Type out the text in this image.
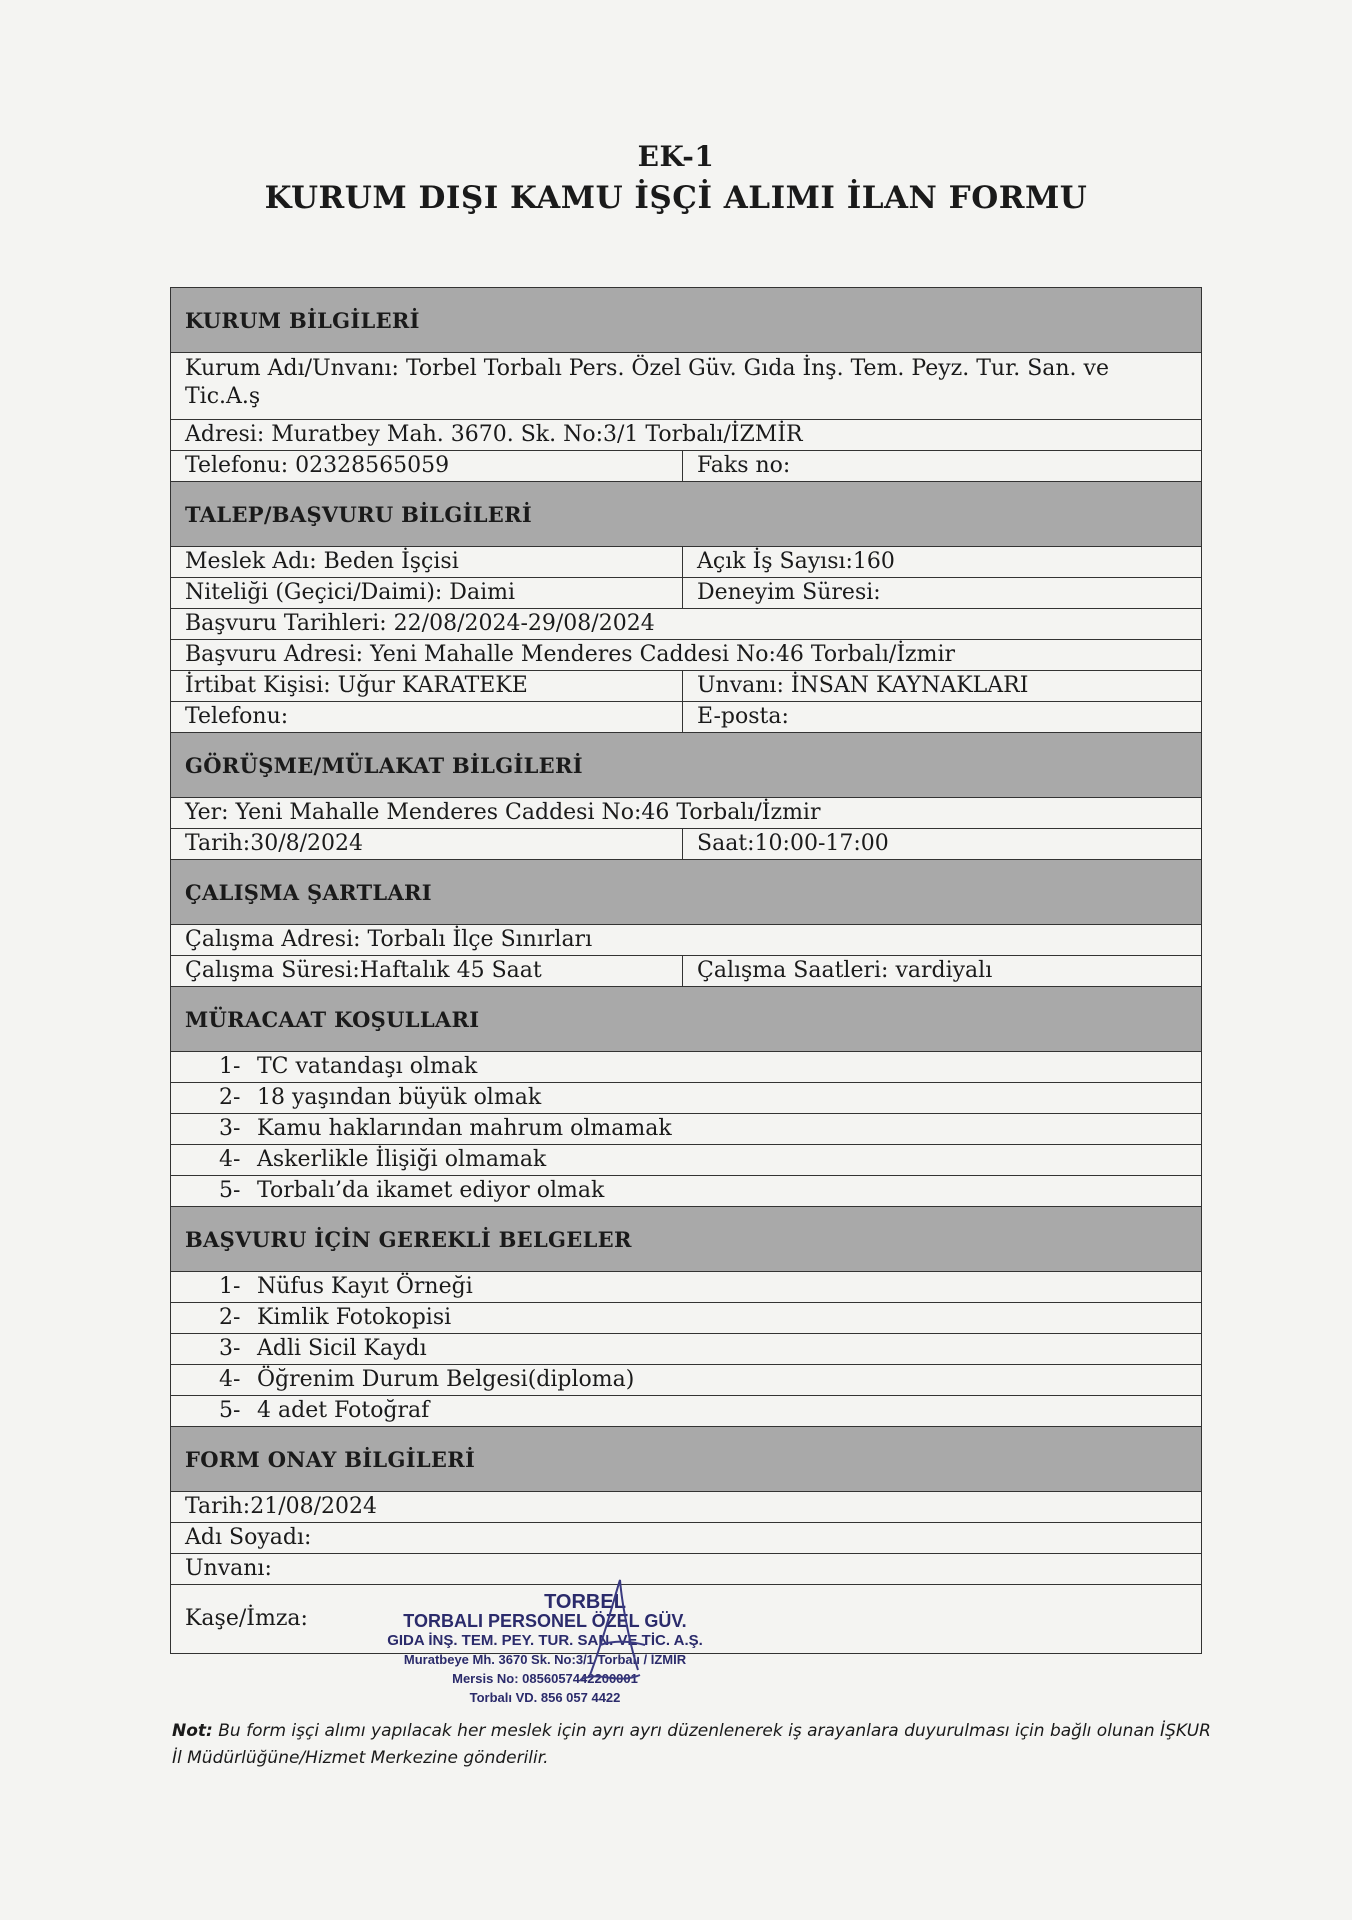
EK-1
KURUM DIŞI KAMU İŞÇİ ALIMI İLAN FORMU
KURUM BİLGİLERİ
Kurum Adı/Unvanı: Torbel Torbalı Pers. Özel Güv. Gıda İnş. Tem. Peyz. Tur. San. ve Tic.A.ş
Adresi: Muratbey Mah. 3670. Sk. No:3/1 Torbalı/İZMİR
Telefonu: 02328565059	Faks no:
TALEP/BAŞVURU BİLGİLERİ
Meslek Adı: Beden İşçisi	Açık İş Sayısı:160
Niteliği (Geçici/Daimi): Daimi	Deneyim Süresi:
Başvuru Tarihleri: 22/08/2024-29/08/2024
Başvuru Adresi: Yeni Mahalle Menderes Caddesi No:46 Torbalı/İzmir
İrtibat Kişisi: Uğur KARATEKE	Unvanı: İNSAN KAYNAKLARI
Telefonu:	E-posta:
GÖRÜŞME/MÜLAKAT BİLGİLERİ
Yer: Yeni Mahalle Menderes Caddesi No:46 Torbalı/İzmir
Tarih:30/8/2024	Saat:10:00-17:00
ÇALIŞMA ŞARTLARI
Çalışma Adresi: Torbalı İlçe Sınırları
Çalışma Süresi:Haftalık 45 Saat	Çalışma Saatleri: vardiyalı
MÜRACAAT KOŞULLARI
1- TC vatandaşı olmak
2- 18 yaşından büyük olmak
3- Kamu haklarından mahrum olmamak
4- Askerlikle İlişiği olmamak
5- Torbalı’da ikamet ediyor olmak
BAŞVURU İÇİN GEREKLİ BELGELER
1- Nüfus Kayıt Örneği
2- Kimlik Fotokopisi
3- Adli Sicil Kaydı
4- Öğrenim Durum Belgesi(diploma)
5- 4 adet Fotoğraf
FORM ONAY BİLGİLERİ
Tarih:21/08/2024
Adı Soyadı:
Unvanı:
Kaşe/İmza:
TORBEL
TORBALI PERSONEL ÖZEL GÜV.
GIDA İNŞ. TEM. PEY. TUR. SAN. VE TİC. A.Ş.
Muratbeye Mh. 3670 Sk. No:3/1 Torbalı / İZMİR
Mersis No: 0856057442200001
Torbalı VD. 856 057 4422
Not: Bu form işçi alımı yapılacak her meslek için ayrı ayrı düzenlenerek iş arayanlara duyurulması için bağlı olunan İŞKUR İl Müdürlüğüne/Hizmet Merkezine gönderilir.
